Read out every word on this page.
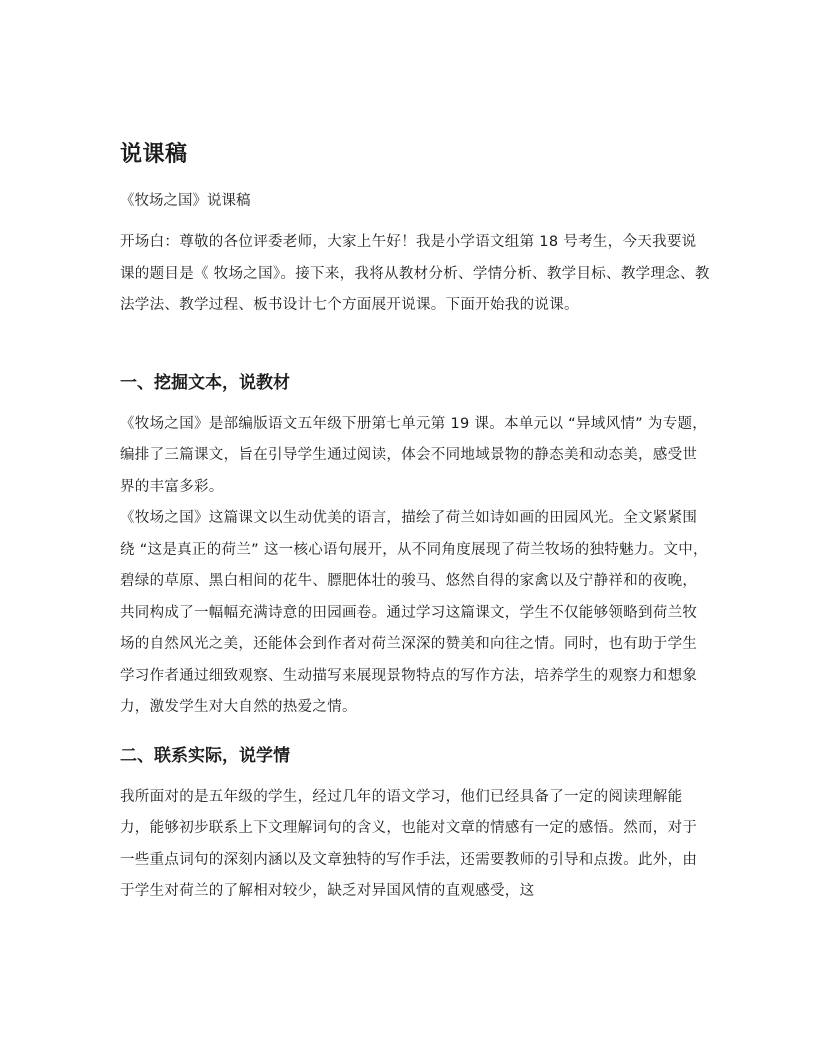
说课稿
《牧场之国》说课稿

开场白：尊敬的各位评委老师，大家上午好！我是小学语文组第 18 号考生，今天我要说课的题目是《 牧场之国》。接下来，我将从教材分析、学情分析、教学目标、教学理念、教法学法、教学过程、板书设计七个方面展开说课。下面开始我的说课。

一、挖掘文本，说教材

《牧场之国》是部编版语文五年级下册第七单元第 19 课。本单元以 “异域风情” 为专题，编排了三篇课文，旨在引导学生通过阅读，体会不同地域景物的静态美和动态美，感受世界的丰富多彩。

《牧场之国》这篇课文以生动优美的语言，描绘了荷兰如诗如画的田园风光。全文紧紧围绕 “这是真正的荷兰” 这一核心语句展开，从不同角度展现了荷兰牧场的独特魅力。文中，碧绿的草原、黑白相间的花牛、膘肥体壮的骏马、悠然自得的家禽以及宁静祥和的夜晚，共同构成了一幅幅充满诗意的田园画卷。通过学习这篇课文，学生不仅能够领略到荷兰牧场的自然风光之美，还能体会到作者对荷兰深深的赞美和向往之情。同时，也有助于学生学习作者通过细致观察、生动描写来展现景物特点的写作方法，培养学生的观察力和想象力，激发学生对大自然的热爱之情。

二、联系实际，说学情

我所面对的是五年级的学生，经过几年的语文学习，他们已经具备了一定的阅读理解能力，能够初步联系上下文理解词句的含义，也能对文章的情感有一定的感悟。然而，对于一些重点词句的深刻内涵以及文章独特的写作手法，还需要教师的引导和点拨。此外，由于学生对荷兰的了解相对较少，缺乏对异国风情的直观感受，这
